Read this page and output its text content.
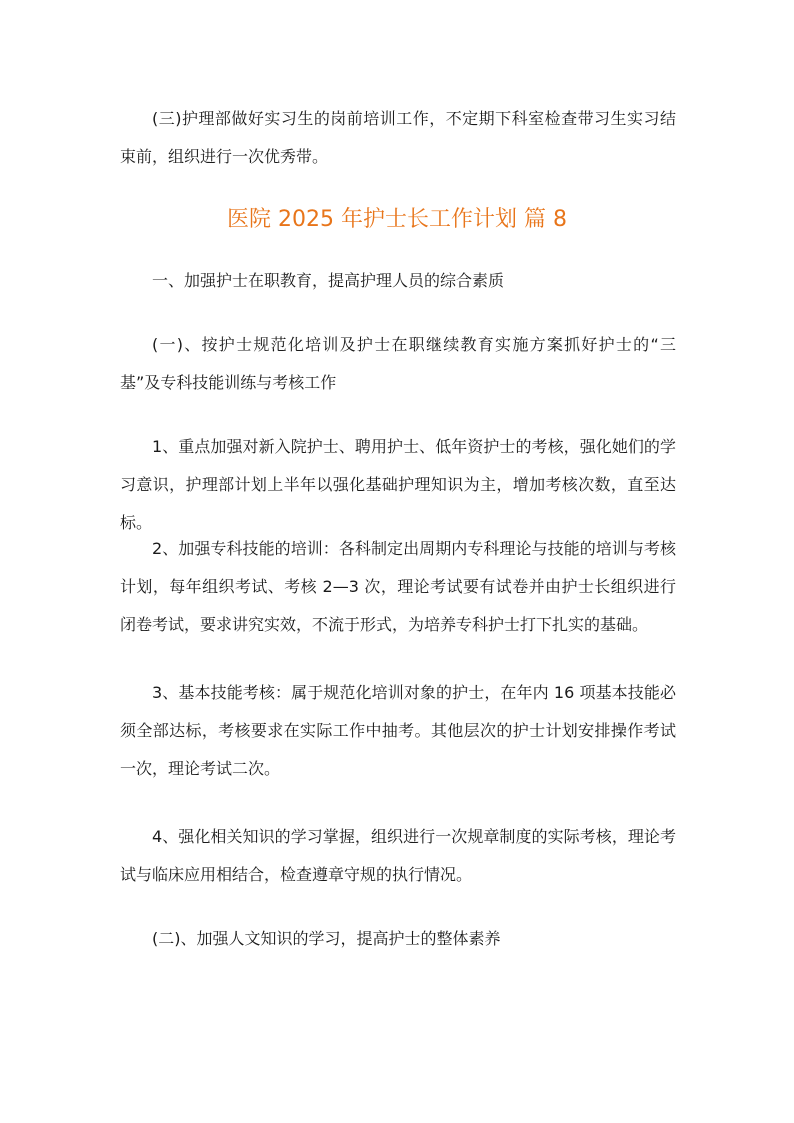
(三)护理部做好实习生的岗前培训工作，不定期下科室检查带习生实习结束前，组织进行一次优秀带。

医院 2025 年护士长工作计划 篇 8

一、加强护士在职教育，提高护理人员的综合素质

(一)、按护士规范化培训及护士在职继续教育实施方案抓好护士的“三基”及专科技能训练与考核工作

1、重点加强对新入院护士、聘用护士、低年资护士的考核，强化她们的学习意识，护理部计划上半年以强化基础护理知识为主，增加考核次数，直至达标。

2、加强专科技能的培训：各科制定出周期内专科理论与技能的培训与考核计划，每年组织考试、考核 2—3 次，理论考试要有试卷并由护士长组织进行闭卷考试，要求讲究实效，不流于形式，为培养专科护士打下扎实的基础。

3、基本技能考核：属于规范化培训对象的护士，在年内 16 项基本技能必须全部达标，考核要求在实际工作中抽考。其他层次的护士计划安排操作考试一次，理论考试二次。

4、强化相关知识的学习掌握，组织进行一次规章制度的实际考核，理论考试与临床应用相结合，检查遵章守规的执行情况。

(二)、加强人文知识的学习，提高护士的整体素养
